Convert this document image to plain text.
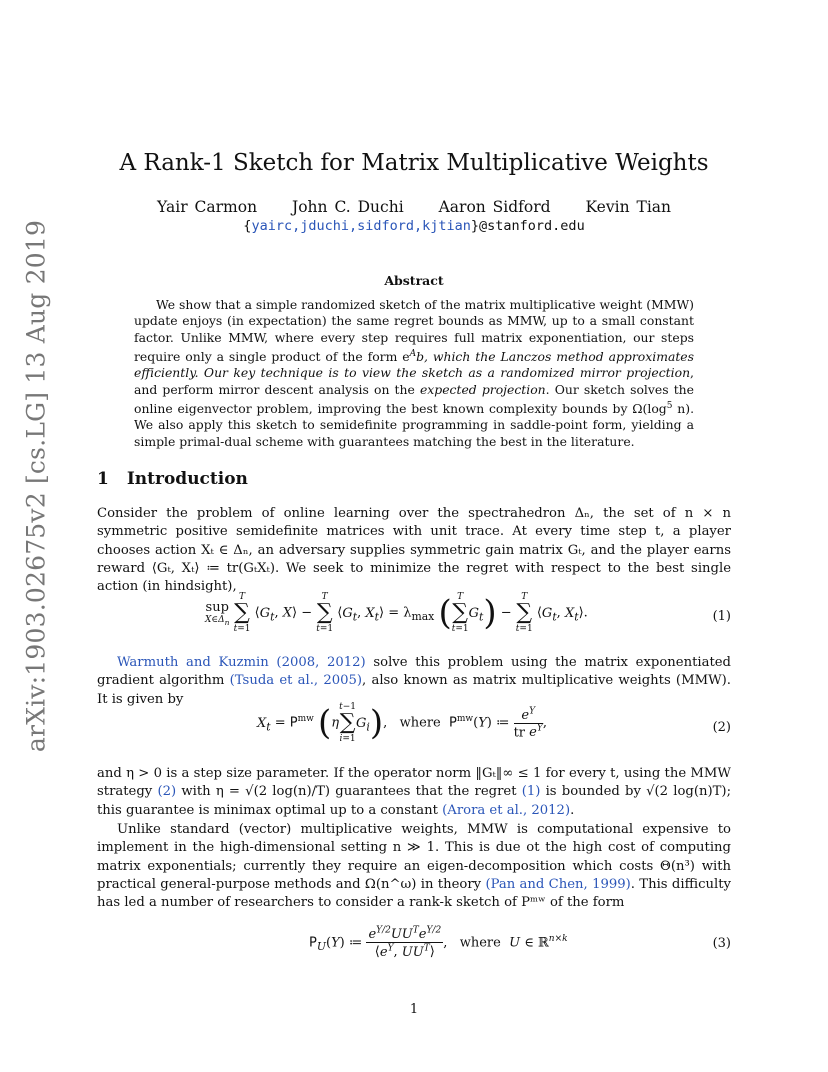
arXiv:1903.02675v2 [cs.LG] 13 Aug 2019
A Rank-1 Sketch for Matrix Multiplicative Weights
Yair Carmon John C. Duchi Aaron Sidford Kevin Tian
{yairc,jduchi,sidford,kjtian}@stanford.edu
Abstract

We show that a simple randomized sketch of the matrix multiplicative weight (MMW) update enjoys (in expectation) the same regret bounds as MMW, up to a small constant factor. Unlike MMW, where every step requires full matrix exponentiation, our steps require only a single product of the form $e^Ab$, which the Lanczos method approximates efficiently. Our key technique is to view the sketch as a randomized mirror projection, and perform mirror descent analysis on the expected projection. Our sketch solves the online eigenvector problem, improving the best known complexity bounds by $\Omega(\log^5$ n). We also apply this sketch to semidefinite programming in saddle-point form, yielding a simple primal-dual scheme with guarantees matching the best in the literature.

1 Introduction

Consider the problem of online learning over the spectrahedron Δₙ, the set of n × n symmetric positive semidefinite matrices with unit trace. At every time step t, a player chooses action Xₜ ∈ Δₙ, an adversary supplies symmetric gain matrix Gₜ, and the player earns reward ⟨Gₜ, Xₜ⟩ ≔ tr(GₜXₜ). We seek to minimize the regret with respect to the best single action (in hindsight),

sup
$X\in\Delta_n$

T
∑
t=1
$⟨G_t$, X⟩ −
T
∑
t=1
$⟨G_t$, $X_t⟩ = \lambda_{max}$ ( T
∑
t=1
$G_t$) −
T
∑
t=1
$⟨G_t$, $X_t⟩$.	(1)

Warmuth and Kuzmin (2008, 2012) solve this problem using the matrix exponentiated gradient algorithm (Tsuda et al., 2005), also known as matrix multiplicative weights (MMW). It is given by

$X_t = P^{mw}$ (η
t−1
∑
i=1
$G_i$),   where  $P^{mw}(Y)$ ≔ $\frac{e^Y}{tr e^Y}$ ,	(2)

and η > 0 is a step size parameter. If the operator norm ‖Gₜ‖∞ ≤ 1 for every t, using the MMW strategy (2) with η = √(2 log(n)/T) guarantees that the regret (1) is bounded by √(2 log(n)T); this guarantee is minimax optimal up to a constant (Arora et al., 2012).

Unlike standard (vector) multiplicative weights, MMW is computational expensive to implement in the high-dimensional setting n ≫ 1. This is due ot the high cost of computing matrix exponentials; currently they require an eigen-decomposition which costs Θ(n³) with practical general-purpose methods and Ω(n^ω) in theory (Pan and Chen, 1999). This difficulty has led a number of researchers to consider a rank-k sketch of Pᵐʷ of the form

$P_U(Y)$ ≔
$e^{Y/2}UU^Te^{Y/2}$
$⟨e^Y$, $UU^T⟩$
,   where  U ∈ ℝ$^{n\times k}$	(3)
1
